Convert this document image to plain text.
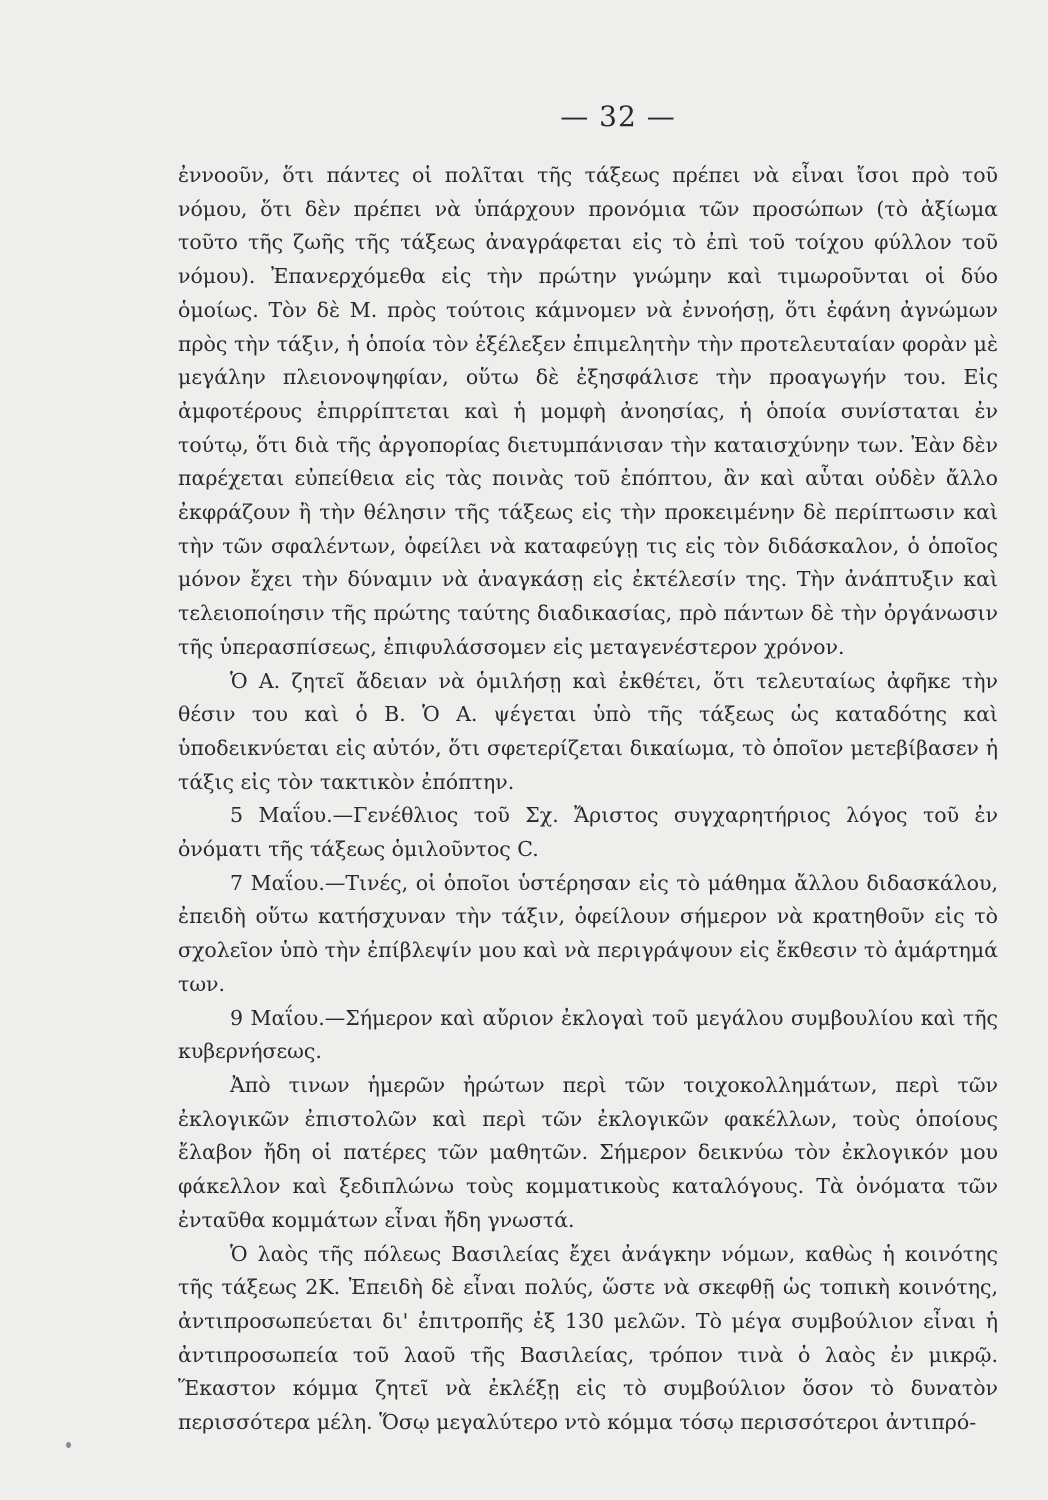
— 32 —

ἐννοοῦν, ὅτι πάντες οἱ πολῖται τῆς τάξεως πρέπει νὰ εἶναι ἴσοι πρὸ τοῦ νόμου, ὅτι δὲν πρέπει νὰ ὑπάρχουν προνόμια τῶν προσώπων (τὸ ἀξίωμα τοῦτο τῆς ζωῆς τῆς τάξεως ἀναγράφεται εἰς τὸ ἐπὶ τοῦ τοίχου φύλλον τοῦ νόμου). Ἐπανερχόμεθα εἰς τὴν πρώτην γνώμην καὶ τιμωροῦνται οἱ δύο ὁμοίως. Τὸν δὲ Μ. πρὸς τούτοις κάμνομεν νὰ ἐννοήσῃ, ὅτι ἐφάνη ἀγνώμων πρὸς τὴν τάξιν, ἡ ὁποία τὸν ἐξέλεξεν ἐπιμελητὴν τὴν προτελευταίαν φορὰν μὲ μεγάλην πλειονοψηφίαν, οὕτω δὲ ἐξησφάλισε τὴν προαγωγήν του. Εἰς ἀμφοτέρους ἐπιρρίπτεται καὶ ἡ μομφὴ ἀνοησίας, ἡ ὁποία συνίσταται ἐν τούτῳ, ὅτι διὰ τῆς ἀργοπορίας διετυμπάνισαν τὴν καταισχύνην των. Ἐὰν δὲν παρέχεται εὐπείθεια εἰς τὰς ποινὰς τοῦ ἐπόπτου, ἂν καὶ αὗται οὐδὲν ἄλλο ἐκφράζουν ἢ τὴν θέλησιν τῆς τάξεως εἰς τὴν προκειμένην δὲ περίπτωσιν καὶ τὴν τῶν σφαλέντων, ὀφείλει νὰ καταφεύγῃ τις εἰς τὸν διδάσκαλον, ὁ ὁποῖος μόνον ἔχει τὴν δύναμιν νὰ ἀναγκάσῃ εἰς ἐκτέλεσίν της. Τὴν ἀνάπτυξιν καὶ τελειοποίησιν τῆς πρώτης ταύτης διαδικασίας, πρὸ πάντων δὲ τὴν ὀργάνωσιν τῆς ὑπερασπίσεως, ἐπιφυλάσσομεν εἰς μεταγενέστερον χρόνον.

Ὁ Α. ζητεῖ ἄδειαν νὰ ὁμιλήσῃ καὶ ἐκθέτει, ὅτι τελευταίως ἀφῆκε τὴν θέσιν του καὶ ὁ Β. Ὁ Α. ψέγεται ὑπὸ τῆς τάξεως ὡς καταδότης καὶ ὑποδεικνύεται εἰς αὐτόν, ὅτι σφετερίζεται δικαίωμα, τὸ ὁποῖον μετεβίβασεν ἡ τάξις εἰς τὸν τακτικὸν ἐπόπτην.

5 Μαΐου.—Γενέθλιος τοῦ Σχ. Ἄριστος συγχαρητήριος λόγος τοῦ ἐν ὀνόματι τῆς τάξεως ὁμιλοῦντος C.

7 Μαΐου.—Τινές, οἱ ὁποῖοι ὑστέρησαν εἰς τὸ μάθημα ἄλλου διδασκάλου, ἐπειδὴ οὕτω κατήσχυναν τὴν τάξιν, ὀφείλουν σήμερον νὰ κρατηθοῦν εἰς τὸ σχολεῖον ὑπὸ τὴν ἐπίβλεψίν μου καὶ νὰ περιγράψουν εἰς ἔκθεσιν τὸ ἁμάρτημά των.

9 Μαΐου.—Σήμερον καὶ αὔριον ἐκλογαὶ τοῦ μεγάλου συμβουλίου καὶ τῆς κυβερνήσεως.

Ἀπὸ τινων ἡμερῶν ἠρώτων περὶ τῶν τοιχοκολλημάτων, περὶ τῶν ἐκλογικῶν ἐπιστολῶν καὶ περὶ τῶν ἐκλογικῶν φακέλλων, τοὺς ὁποίους ἔλαβον ἤδη οἱ πατέρες τῶν μαθητῶν. Σήμερον δεικνύω τὸν ἐκλογικόν μου φάκελλον καὶ ξεδιπλώνω τοὺς κομματικοὺς καταλόγους. Τὰ ὀνόματα τῶν ἐνταῦθα κομμάτων εἶναι ἤδη γνωστά.

Ὁ λαὸς τῆς πόλεως Βασιλείας ἔχει ἀνάγκην νόμων, καθὼς ἡ κοινότης τῆς τάξεως 2Κ. Ἐπειδὴ δὲ εἶναι πολύς, ὥστε νὰ σκεφθῇ ὡς τοπικὴ κοινότης, ἀντιπροσωπεύεται δι' ἐπιτροπῆς ἐξ 130 μελῶν. Τὸ μέγα συμβούλιον εἶναι ἡ ἀντιπροσωπεία τοῦ λαοῦ τῆς Βασιλείας, τρόπον τινὰ ὁ λαὸς ἐν μικρῷ. Ἕκαστον κόμμα ζητεῖ νὰ ἐκλέξῃ εἰς τὸ συμβούλιον ὅσον τὸ δυνατὸν περισσότερα μέλη. Ὅσῳ μεγαλύτερο ντὸ κόμμα τόσῳ περισσότεροι ἀντιπρό-
